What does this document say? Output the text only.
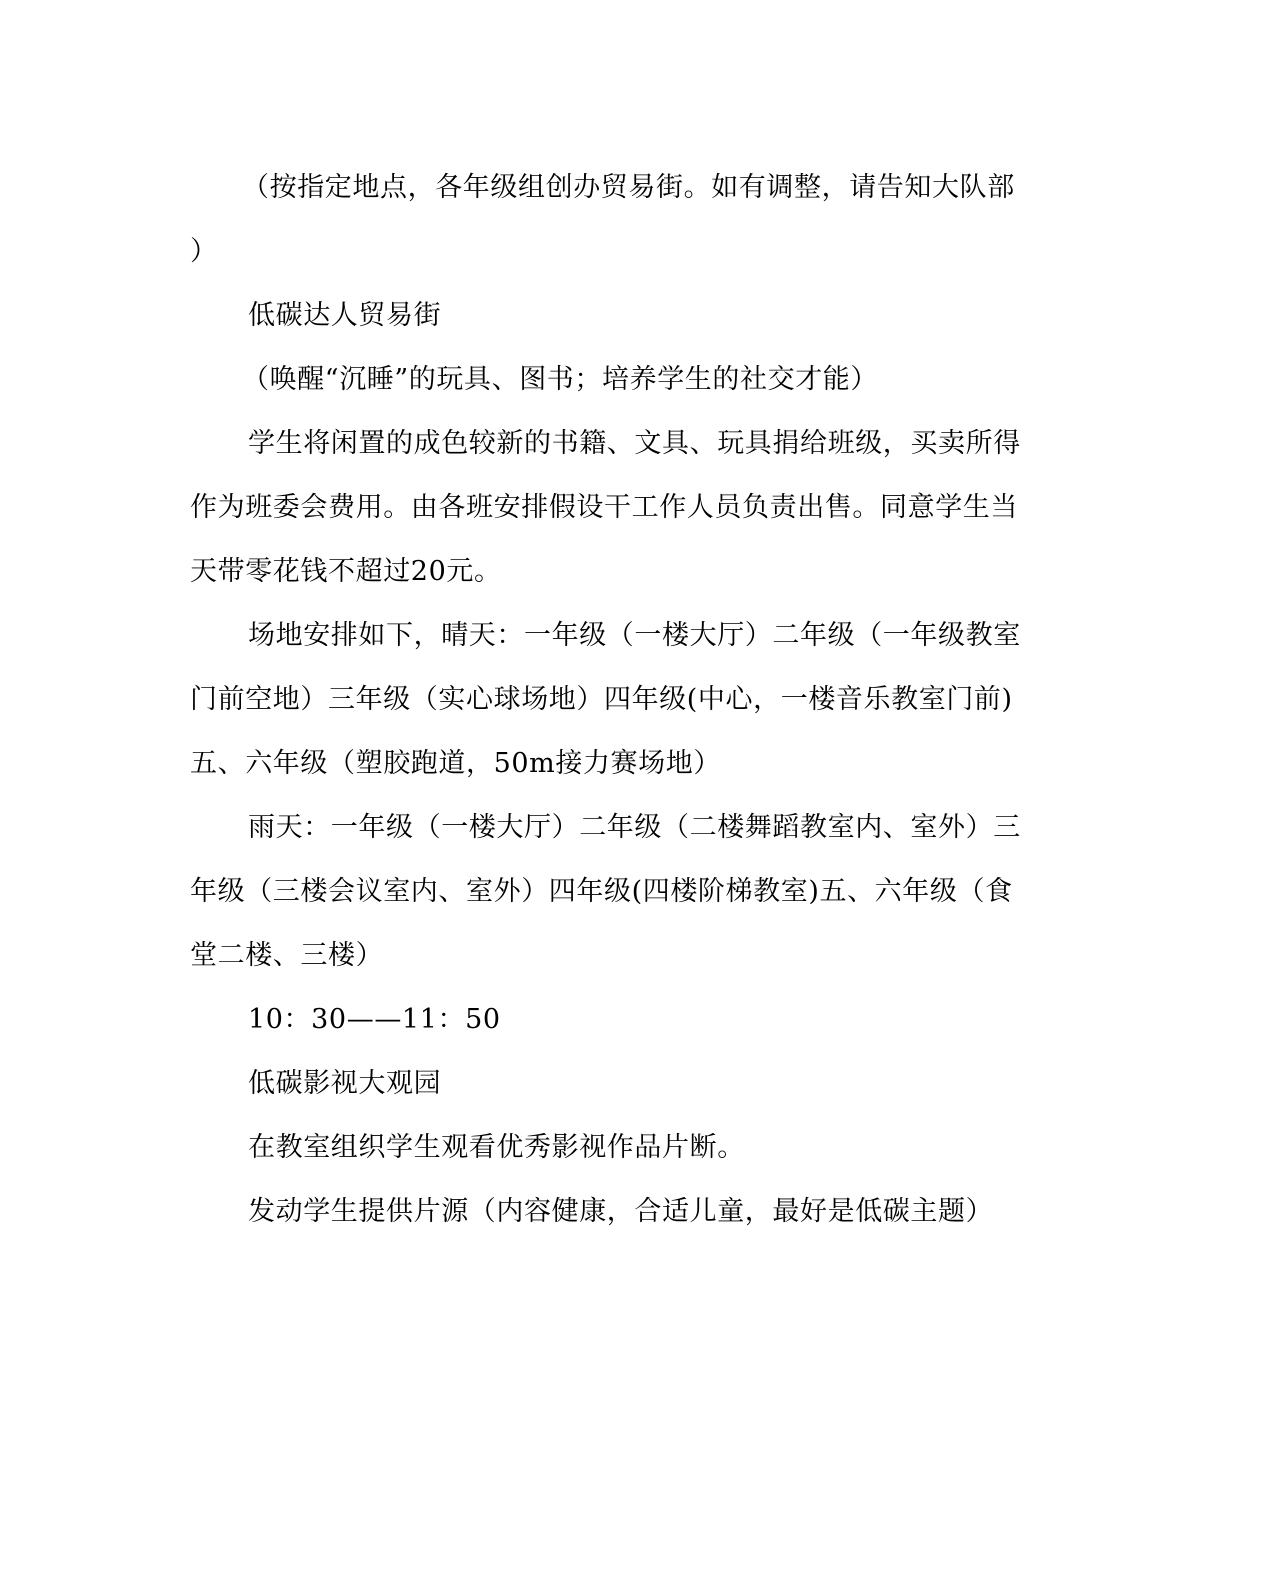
（按指定地点，各年级组创办贸易街。如有调整，请告知大队部
）
低碳达人贸易街
（唤醒“沉睡”的玩具、图书；培养学生的社交才能）
学生将闲置的成色较新的书籍、文具、玩具捐给班级，买卖所得
作为班委会费用。由各班安排假设干工作人员负责出售。同意学生当
天带零花钱不超过20元。
场地安排如下，晴天：一年级（一楼大厅）二年级（一年级教室
门前空地）三年级（实心球场地）四年级(中心，一楼音乐教室门前)
五、六年级（塑胶跑道，50m接力赛场地）
雨天：一年级（一楼大厅）二年级（二楼舞蹈教室内、室外）三
年级（三楼会议室内、室外）四年级(四楼阶梯教室)五、六年级（食
堂二楼、三楼）
10：30——11：50
低碳影视大观园
在教室组织学生观看优秀影视作品片断。
发动学生提供片源（内容健康，合适儿童，最好是低碳主题）
